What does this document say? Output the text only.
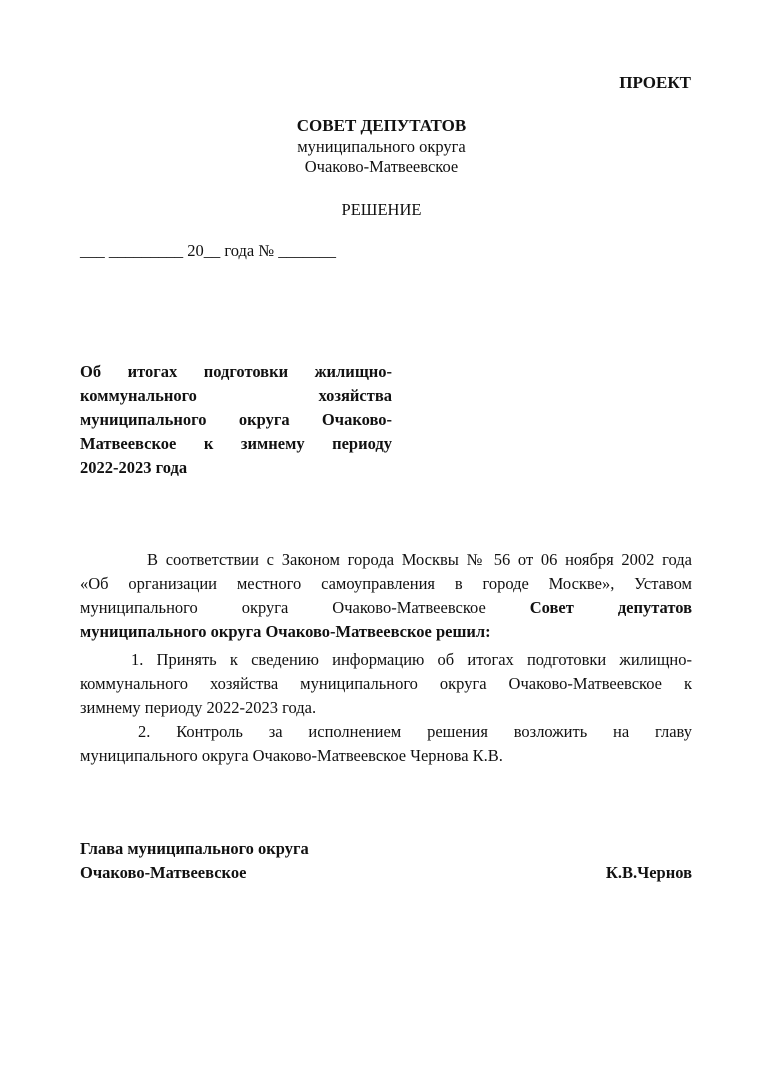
ПРОЕКТ
СОВЕТ ДЕПУТАТОВ
муниципального округа
Очаково-Матвеевское
РЕШЕНИЕ
___ _________ 20__ года № _______
Об итогах подготовки жилищно-
коммунального хозяйства
муниципального округа Очаково-
Матвеевское к зимнему периоду
2022-2023 года
В соответствии с Законом города Москвы № 56 от 06 ноября 2002 года
«Об организации местного самоуправления в городе Москве», Уставом
муниципального округа Очаково-Матвеевское	Совет депутатов
муниципального округа Очаково-Матвеевское решил:
1. Принять к сведению информацию об итогах подготовки жилищно-
коммунального хозяйства муниципального округа Очаково-Матвеевское к
зимнему периоду 2022-2023 года.
2. Контроль за исполнением решения возложить на главу
муниципального округа Очаково-Матвеевское Чернова К.В.
Глава муниципального округа
Очаково-Матвеевское	К.В.Чернов
